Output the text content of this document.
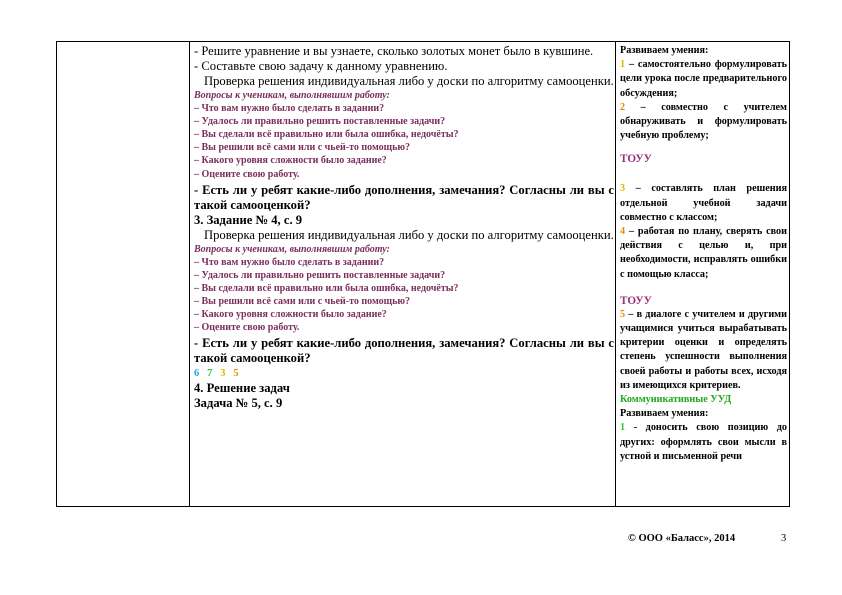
- Решите уравнение и вы узнаете, сколько золотых монет было в кувшине.
- Составьте свою задачу к данному уравнению.
Проверка решения индивидуальная либо у доски по алгоритму самооценки.
Вопросы к ученикам, выполнявшим работу:
– Что вам нужно было сделать в задании?
– Удалось ли правильно решить поставленные задачи?
– Вы сделали всё правильно или была ошибка, недочёты?
– Вы решили всё сами или с чьей-то помощью?
– Какого уровня сложности было задание?
– Оцените свою работу.
- Есть ли у ребят какие-либо дополнения, замечания? Согласны ли вы с такой самооценкой?
3. Задание № 4, с. 9
Проверка решения индивидуальная либо у доски по алгоритму самооценки.
Вопросы к ученикам, выполнявшим работу:
– Что вам нужно было сделать в задании?
– Удалось ли правильно решить поставленные задачи?
– Вы сделали всё правильно или была ошибка, недочёты?
– Вы решили всё сами или с чьей-то помощью?
– Какого уровня сложности было задание?
– Оцените свою работу.
- Есть ли у ребят какие-либо дополнения, замечания? Согласны ли вы с такой самооценкой?
6 7 3 5
4. Решение задач
Задача № 5, с. 9
Развиваем умения:
1 – самостоятельно формулировать цели урока после предварительного обсуждения;
2 – совместно с учителем обнаруживать и формулировать учебную проблему;
ТОУУ
3 – составлять план решения отдельной учебной задачи совместно с классом;
4 – работая по плану, сверять свои действия с целью и, при необходимости, исправлять ошибки с помощью класса;
ТОУУ
5 – в диалоге с учителем и другими учащимися учиться вырабатывать критерии оценки и определять степень успешности выполнения своей работы и работы всех, исходя из имеющихся критериев.
Коммуникативные УУД
Развиваем умения:
1 - доносить свою позицию до других: оформлять свои мысли в устной и письменной речи
© ООО «Баласс», 2014	3
